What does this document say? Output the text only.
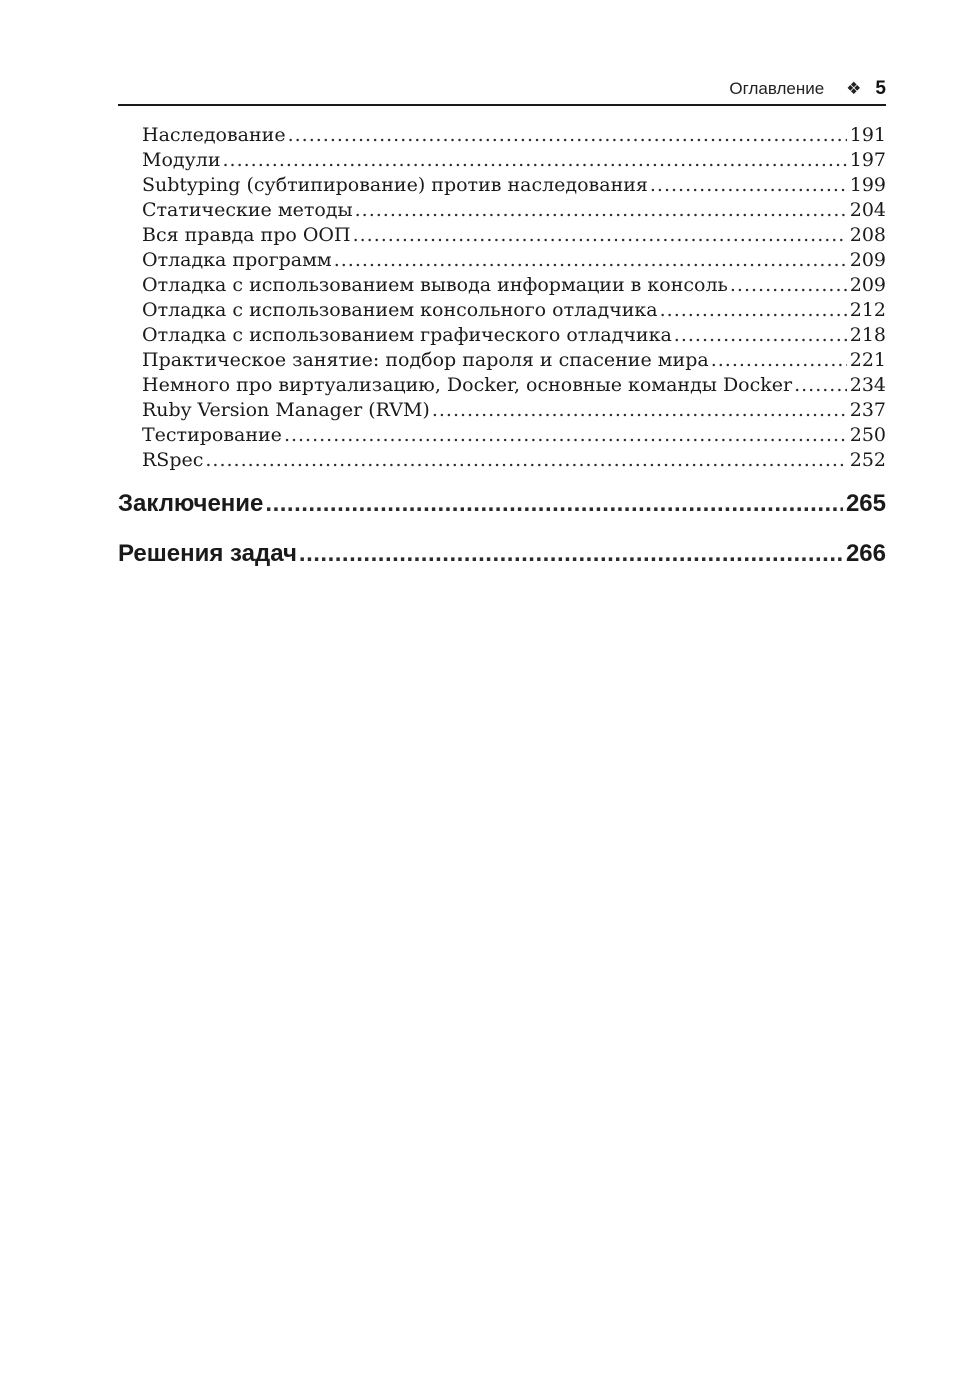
Оглавление ❖ 5
Наследование .....	191
Модули .....	197
Subtyping (субтипирование) против наследования .....	199
Статические методы .....	204
Вся правда про ООП .....	208
Отладка программ .....	209
Отладка с использованием вывода информации в консоль .....	209
Отладка с использованием консольного отладчика .....	212
Отладка с использованием графического отладчика .....	218
Практическое занятие: подбор пароля и спасение мира .....	221
Немного про виртуализацию, Docker, основные команды Docker .....	234
Ruby Version Manager (RVM) .....	237
Тестирование .....	250
RSpec .....	252
Заключение .....	265
Решения задач .....	266
